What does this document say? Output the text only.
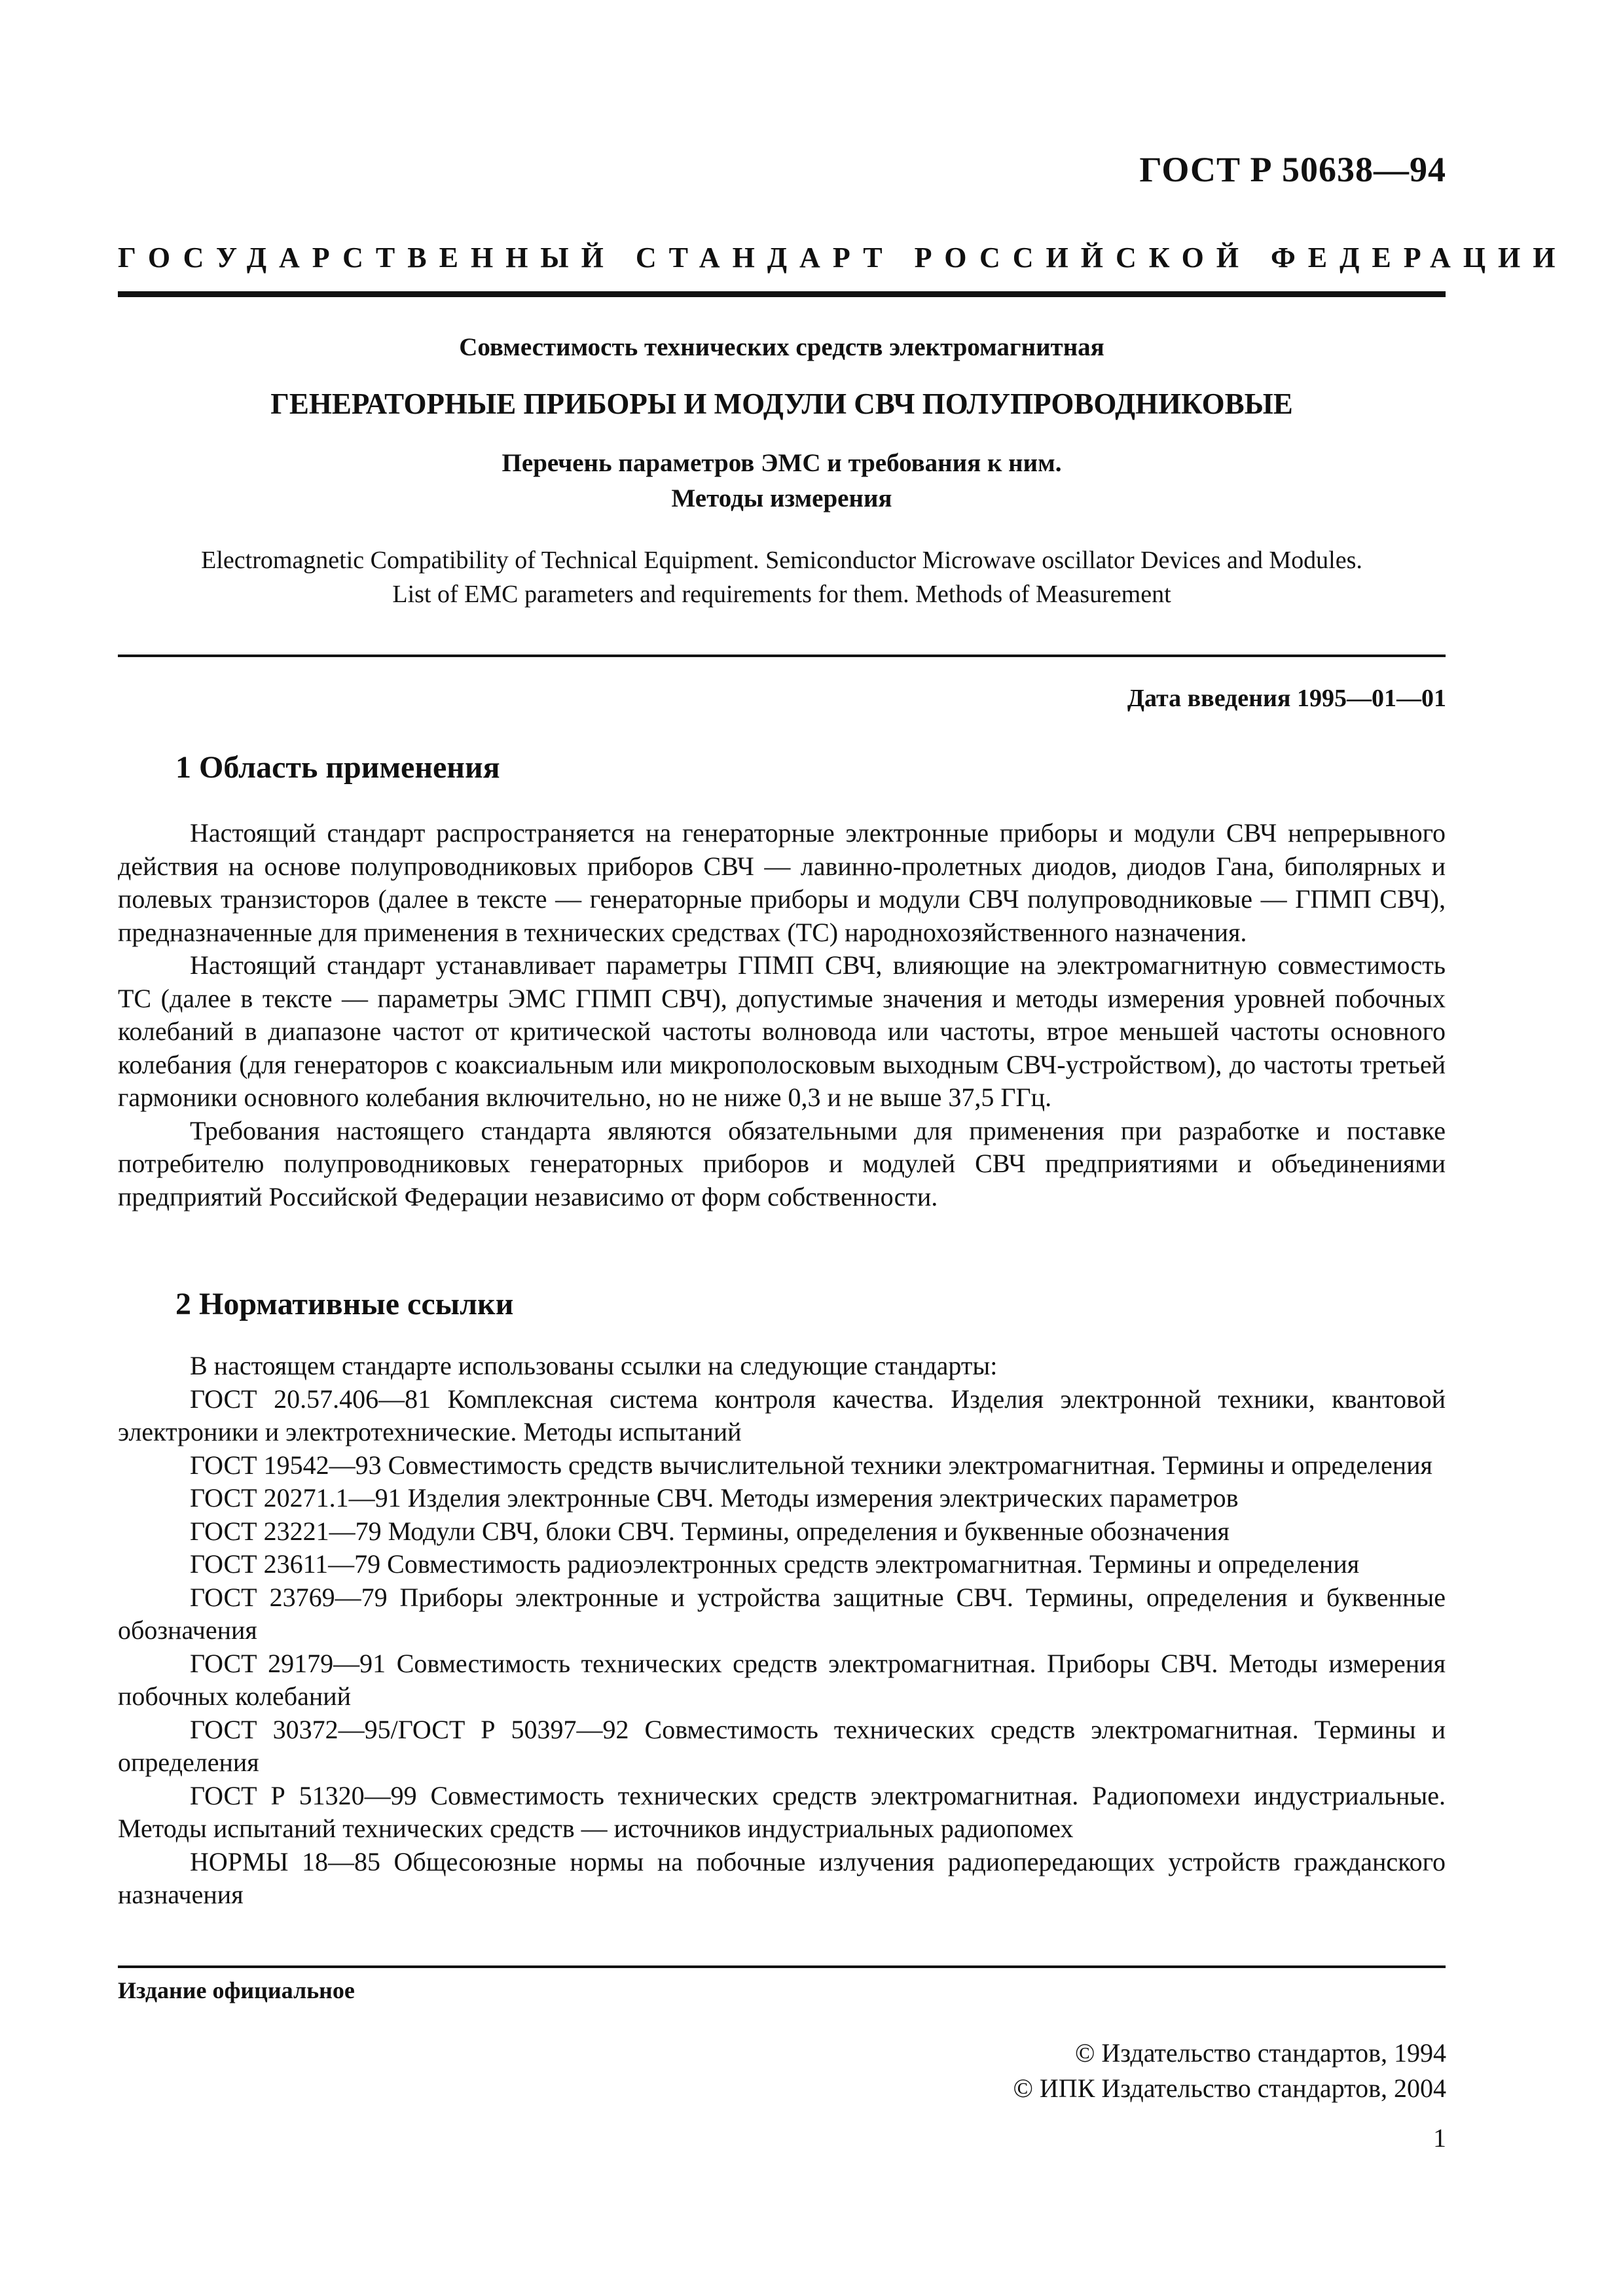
ГОСТ Р 50638—94
ГОСУДАРСТВЕННЫЙ СТАНДАРТ РОССИЙСКОЙ ФЕДЕРАЦИИ
Совместимость технических средств электромагнитная
ГЕНЕРАТОРНЫЕ ПРИБОРЫ И МОДУЛИ СВЧ ПОЛУПРОВОДНИКОВЫЕ
Перечень параметров ЭМС и требования к ним.
Методы измерения
Electromagnetic Compatibility of Technical Equipment. Semiconductor Microwave oscillator Devices and Modules.
List of EMC parameters and requirements for them. Methods of Measurement
Дата введения 1995—01—01
1 Область применения

Настоящий стандарт распространяется на генераторные электронные приборы и модули СВЧ непрерывного действия на основе полупроводниковых приборов СВЧ — лавинно-пролетных диодов, диодов Гана, биполярных и полевых транзисторов (далее в тексте — генераторные приборы и модули СВЧ полупроводниковые — ГПМП СВЧ), предназначенные для применения в технических средствах (ТС) народнохозяйственного назначения.

Настоящий стандарт устанавливает параметры ГПМП СВЧ, влияющие на электромагнитную совместимость ТС (далее в тексте — параметры ЭМС ГПМП СВЧ), допустимые значения и методы измерения уровней побочных колебаний в диапазоне частот от критической частоты волновода или частоты, втрое меньшей частоты основного колебания (для генераторов с коаксиальным или микрополосковым выходным СВЧ-устройством), до частоты третьей гармоники основного колебания включительно, но не ниже 0,3 и не выше 37,5 ГГц.

Требования настоящего стандарта являются обязательными для применения при разработке и поставке потребителю полупроводниковых генераторных приборов и модулей СВЧ предприятиями и объединениями предприятий Российской Федерации независимо от форм собственности.

2 Нормативные ссылки

В настоящем стандарте использованы ссылки на следующие стандарты:

ГОСТ 20.57.406—81 Комплексная система контроля качества. Изделия электронной техники, квантовой электроники и электротехнические. Методы испытаний

ГОСТ 19542—93 Совместимость средств вычислительной техники электромагнитная. Термины и определения

ГОСТ 20271.1—91 Изделия электронные СВЧ. Методы измерения электрических параметров

ГОСТ 23221—79 Модули СВЧ, блоки СВЧ. Термины, определения и буквенные обозначения

ГОСТ 23611—79 Совместимость радиоэлектронных средств электромагнитная. Термины и определения

ГОСТ 23769—79 Приборы электронные и устройства защитные СВЧ. Термины, определения и буквенные обозначения

ГОСТ 29179—91 Совместимость технических средств электромагнитная. Приборы СВЧ. Методы измерения побочных колебаний

ГОСТ 30372—95/ГОСТ Р 50397—92 Совместимость технических средств электромагнитная. Термины и определения

ГОСТ Р 51320—99 Совместимость технических средств электромагнитная. Радиопомехи индустриальные. Методы испытаний технических средств — источников индустриальных радиопомех

НОРМЫ 18—85 Общесоюзные нормы на побочные излучения радиопередающих устройств гражданского назначения

Издание официальное
© Издательство стандартов, 1994
© ИПК Издательство стандартов, 2004
1
